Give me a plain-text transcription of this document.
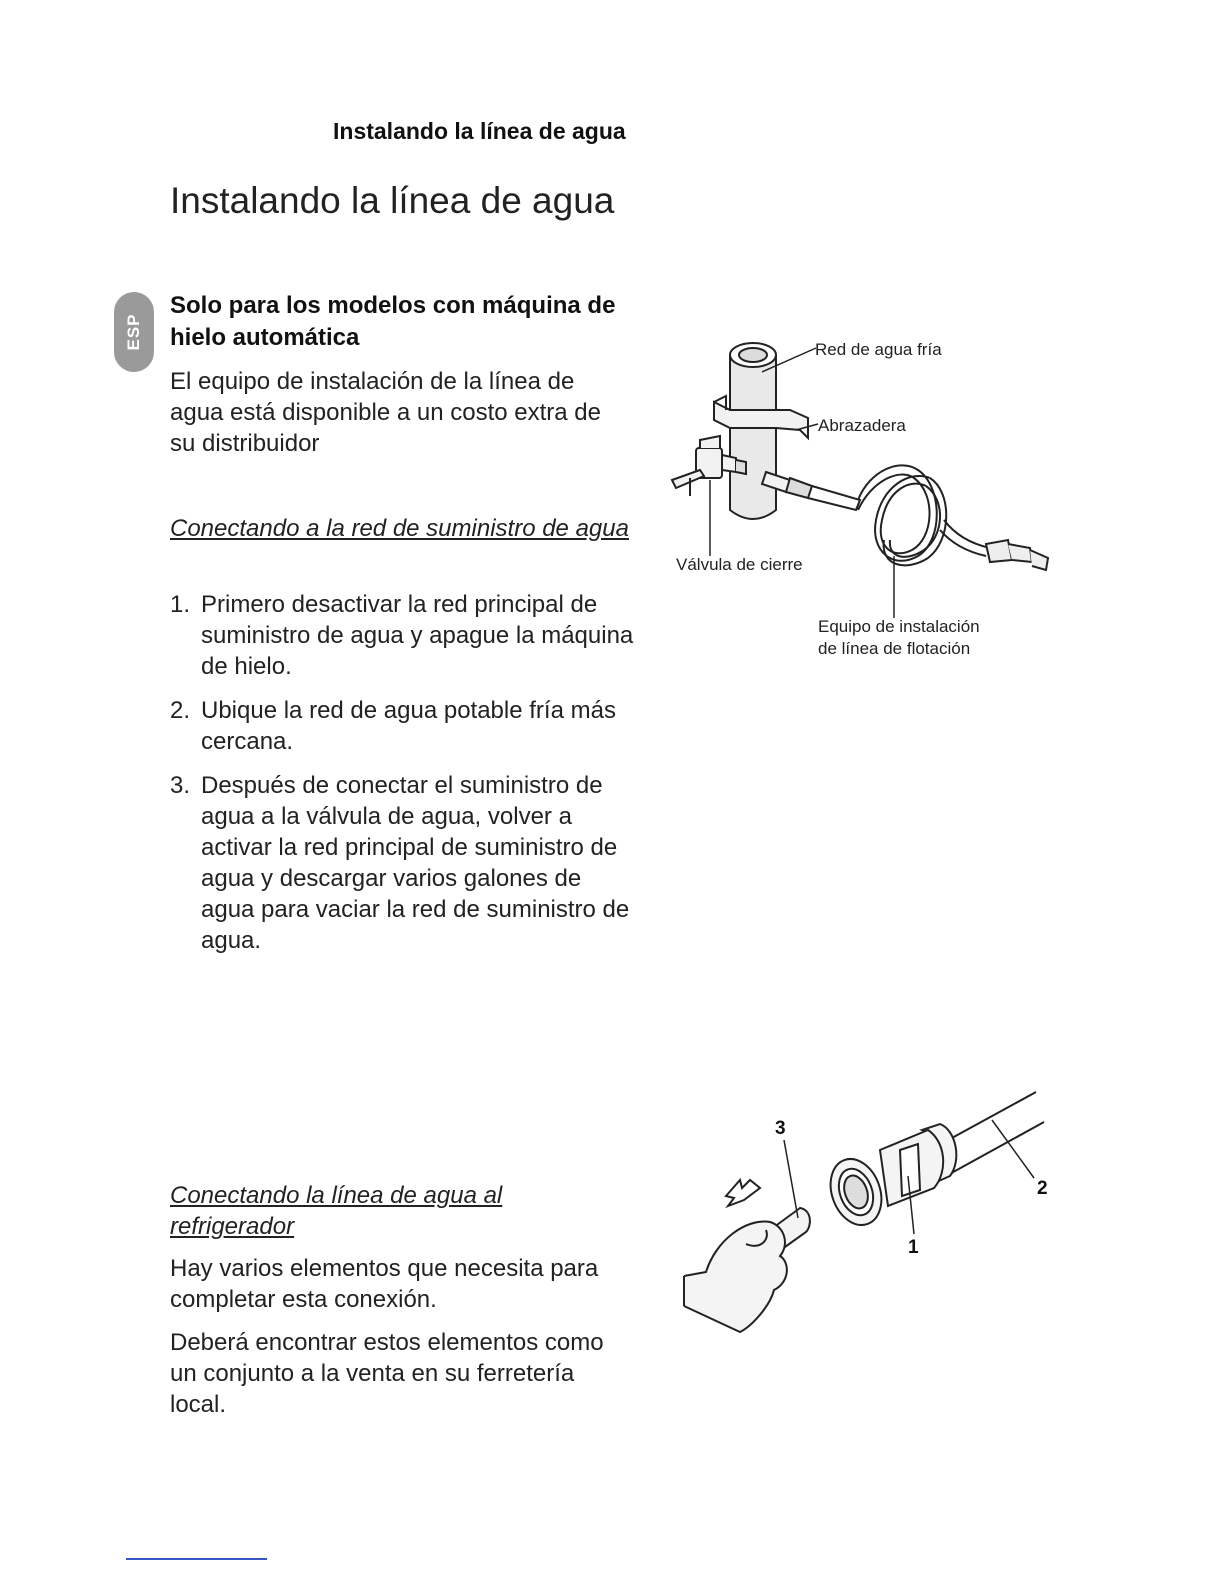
Instalando la línea de agua
Instalando la línea de agua
ESP
Solo para los modelos con máquina de hielo automática
El equipo de instalación de la línea de agua está disponible a un costo extra de su distribuidor
Conectando a la red de suministro de agua
1. Primero desactivar la red principal de suministro de agua y apague la máquina de hielo.
2. Ubique la red de agua potable fría más cercana.
3. Después de conectar el suministro de agua a la válvula de agua, volver a activar la red principal de suministro de agua y descargar varios galones de agua para vaciar la red de suministro de agua.
Red de agua fría
Abrazadera
Válvula de cierre
Equipo de instalación
de línea de flotación
Conectando la línea de agua al refrigerador
Hay varios elementos que necesita para completar esta conexión.
Deberá encontrar estos elementos como un conjunto a la venta en su ferretería local.
1
2
3
